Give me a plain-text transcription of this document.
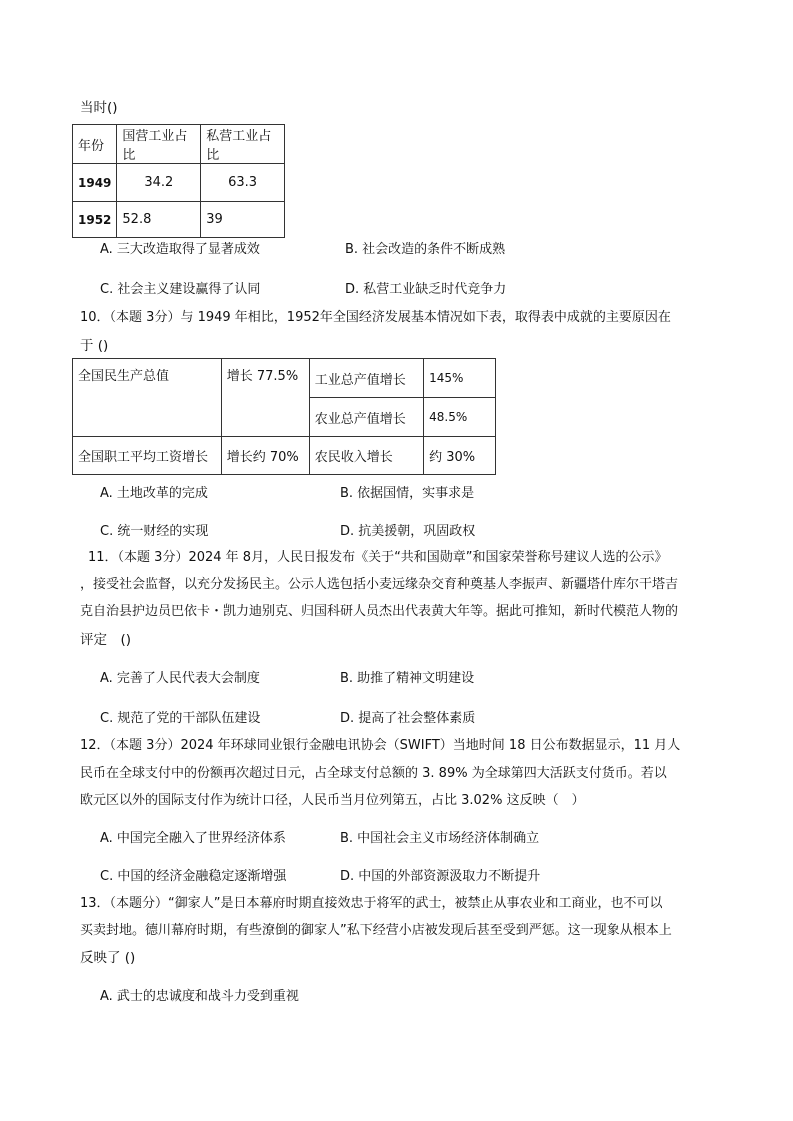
当时()
年份	国营工业占比	私营工业占比
1949	34.2	63.3
1952	52.8	39
A. 三大改造取得了显著成效	B. 社会改造的条件不断成熟
C. 社会主义建设赢得了认同	D. 私营工业缺乏时代竞争力
10．（本题 3分）与 1949 年相比，1952年全国经济发展基本情况如下表，取得表中成就的主要原因在
于 ()
全国民生产总值	增长 77.5%	工业总产值增长	145%
		农业总产值增长	48.5%
全国职工平均工资增长	增长约 70%	农民收入增长	约 30%
A. 土地改革的完成	B. 依据国情，实事求是
C. 统一财经的实现	D. 抗美援朝，巩固政权
11．（本题 3分）2024 年 8月，人民日报发布《关于“共和国勋章”和国家荣誉称号建议人选的公示》
，接受社会监督，以充分发扬民主。公示人选包括小麦远缘杂交育种奠基人李振声、新疆塔什库尔干塔吉
克自治县护边员巴依卡・凯力迪别克、归国科研人员杰出代表黄大年等。据此可推知，新时代模范人物的
评定　()
A. 完善了人民代表大会制度	B. 助推了精神文明建设
C. 规范了党的干部队伍建设	D. 提高了社会整体素质
12．（本题 3分）2024 年环球同业银行金融电讯协会（SWIFT）当地时间 18 日公布数据显示，11 月人
民币在全球支付中的份额再次超过日元，占全球支付总额的 3. 89% 为全球第四大活跃支付货币。若以
欧元区以外的国际支付作为统计口径，人民币当月位列第五，占比 3.02% 这反映（　）
A. 中国完全融入了世界经济体系	B. 中国社会主义市场经济体制确立
C. 中国的经济金融稳定逐渐增强	D. 中国的外部资源汲取力不断提升
13．（本题分）“御家人”是日本幕府时期直接效忠于将军的武士，被禁止从事农业和工商业，也不可以
买卖封地。德川幕府时期，有些潦倒的御家人”私下经营小店被发现后甚至受到严惩。这一现象从根本上
反映了 ()
A. 武士的忠诚度和战斗力受到重视
